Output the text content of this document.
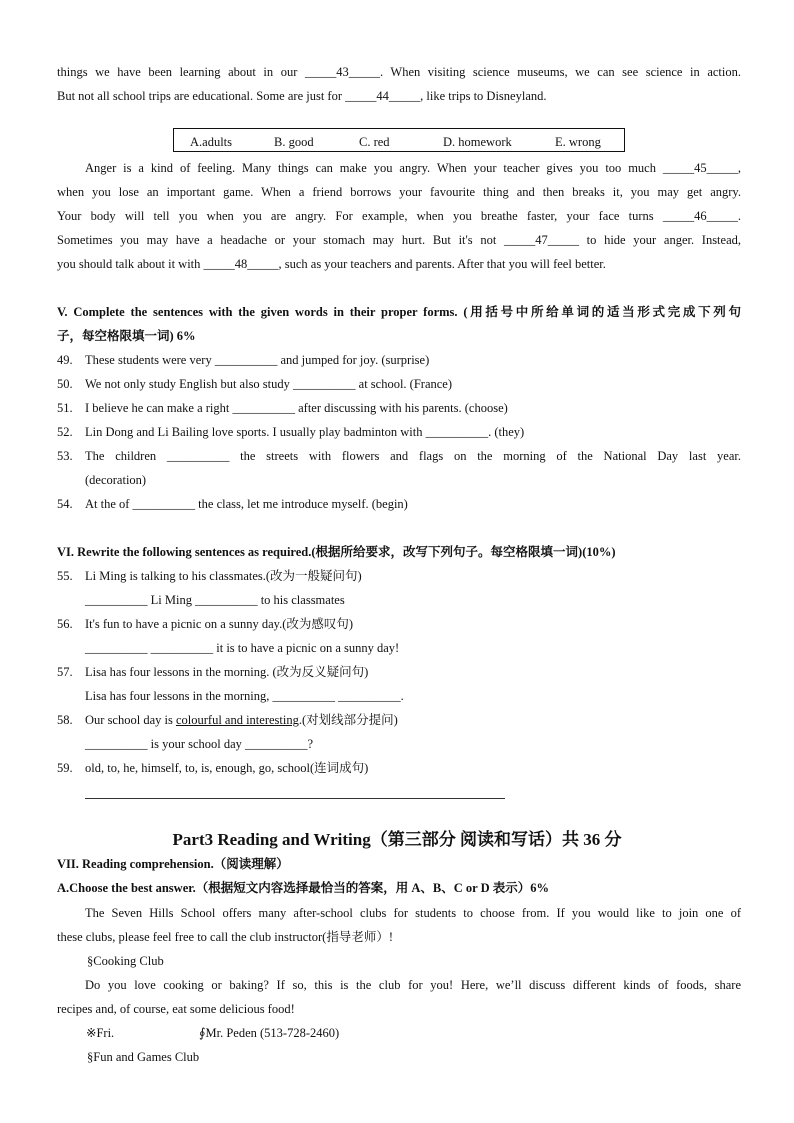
things we have been learning about in our _____43_____. When visiting science museums, we can see science in action.
But not all school trips are educational. Some are just for _____44_____, like trips to Disneyland.
A.adults	B. good	C. red	D. homework	E. wrong
Anger is a kind of feeling. Many things can make you angry. When your teacher gives you too much _____45_____,
when you lose an important game. When a friend borrows your favourite thing and then breaks it, you may get angry.
Your body will tell you when you are angry. For example, when you breathe faster, your face turns _____46_____.
Sometimes you may have a headache or your stomach may hurt. But it's not _____47_____ to hide your anger. Instead,
you should talk about it with _____48_____, such as your teachers and parents. After that you will feel better.
V. Complete the sentences with the given words in their proper forms. (用括号中所给单词的适当形式完成下列句
子，每空格限填一词) 6%
49. These students were very __________ and jumped for joy. (surprise)
50. We not only study English but also study __________ at school. (France)
51. I believe he can make a right __________ after discussing with his parents. (choose)
52. Lin Dong and Li Bailing love sports. I usually play badminton with __________. (they)
53. The children __________ the streets with flowers and flags on the morning of the National Day last year.
(decoration)
54. At the of __________ the class, let me introduce myself. (begin)
VI. Rewrite the following sentences as required.(根据所给要求，改写下列句子。每空格限填一词)(10%)
55. Li Ming is talking to his classmates.(改为一般疑问句)
__________ Li Ming __________ to his classmates
56. It's fun to have a picnic on a sunny day.(改为感叹句)
__________ __________ it is to have a picnic on a sunny day!
57. Lisa has four lessons in the morning. (改为反义疑问句)
Lisa has four lessons in the morning, __________ __________.
58. Our school day is colourful and interesting.(对划线部分提问)
__________ is your school day __________?
59. old, to, he, himself, to, is, enough, go, school(连词成句)
Part3 Reading and Writing（第三部分 阅读和写话）共 36 分
VII. Reading comprehension.（阅读理解）
A.Choose the best answer.（根据短文内容选择最恰当的答案，用 A、B、C or D 表示）6%
The Seven Hills School offers many after-school clubs for students to choose from. If you would like to join one of
these clubs, please feel free to call the club instructor(指导老师）!
§Cooking Club
Do you love cooking or baking? If so, this is the club for you! Here, we’ll discuss different kinds of foods, share
recipes and, of course, eat some delicious food!
※Fri.	∮Mr. Peden (513-728-2460)
§Fun and Games Club
